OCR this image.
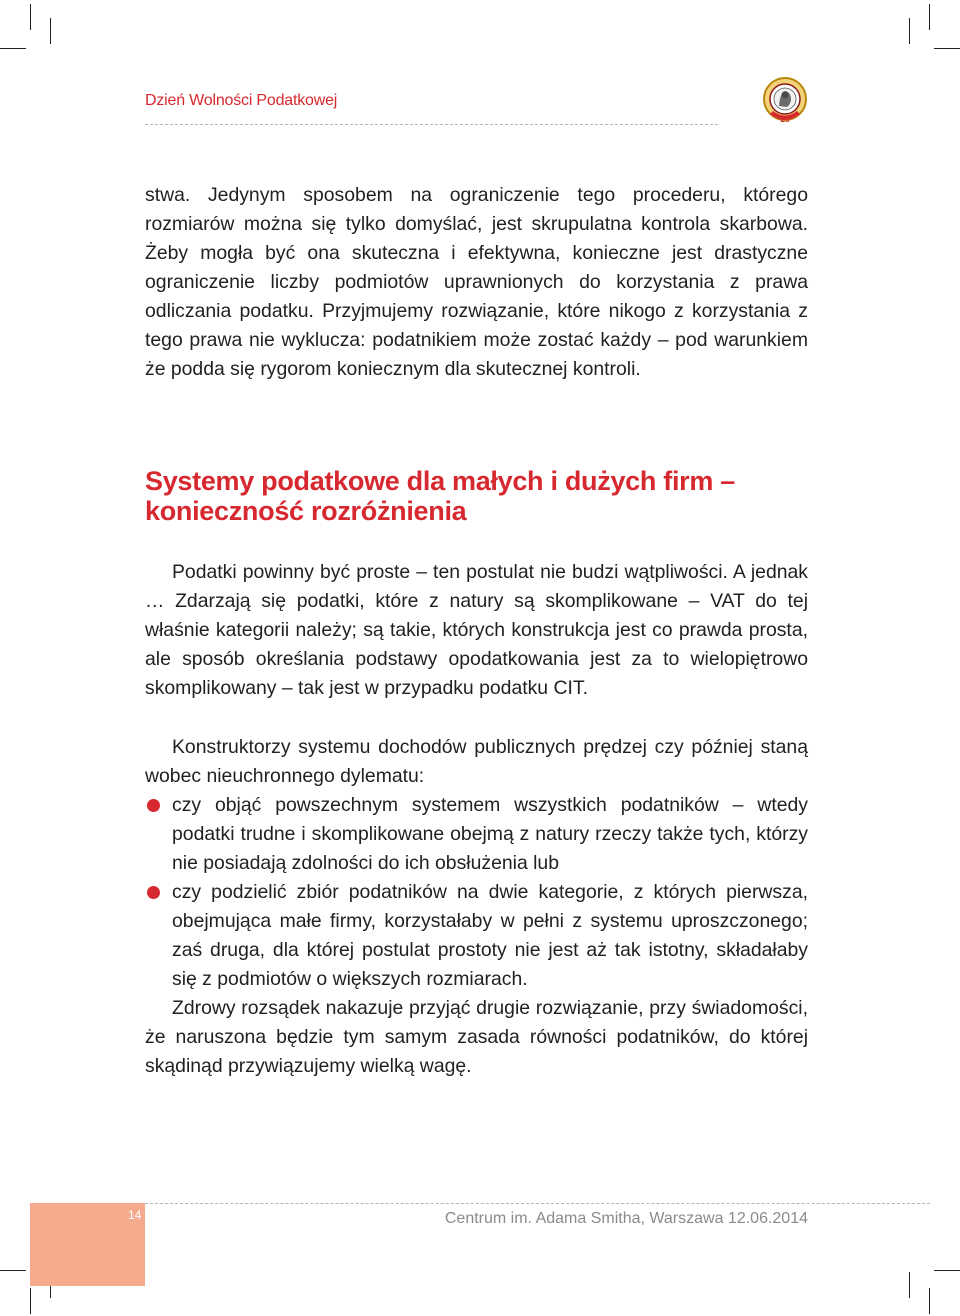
Dzień Wolności Podatkowej
25

stwa. Jedynym sposobem na ograniczenie tego procederu, którego rozmiarów można się tylko domyślać, jest skrupulatna kontrola skarbowa. Żeby mogła być ona skuteczna i efektywna, konieczne jest drastyczne ograniczenie liczby podmiotów uprawnionych do korzystania z prawa odliczania podatku. Przyjmujemy rozwiązanie, które nikogo z korzystania z tego prawa nie wyklucza: podatnikiem może zostać każdy – pod warunkiem że podda się rygorom koniecznym dla skutecznej kontroli.

Systemy podatkowe dla małych i dużych firm – konieczność rozróżnienia

Podatki powinny być proste – ten postulat nie budzi wątpliwości. A jednak … Zdarzają się podatki, które z natury są skomplikowane – VAT do tej właśnie kategorii należy; są takie, których konstrukcja jest co prawda prosta, ale sposób określania podstawy opodatkowania jest za to wielopiętrowo skomplikowany – tak jest w przypadku podatku CIT.

Konstruktorzy systemu dochodów publicznych prędzej czy później staną wobec nieuchronnego dylematu:

czy objąć powszechnym systemem wszystkich podatników – wtedy podatki trudne i skomplikowane obejmą z natury rzeczy także tych, którzy nie posiadają zdolności do ich obsłużenia lub
czy podzielić zbiór podatników na dwie kategorie, z których pierwsza, obejmująca małe firmy, korzystałaby w pełni z systemu uproszczonego; zaś druga, dla której postulat prostoty nie jest aż tak istotny, składałaby się z podmiotów o większych rozmiarach.

Zdrowy rozsądek nakazuje przyjąć drugie rozwiązanie, przy świadomości, że naruszona będzie tym samym zasada równości podatników, do której skądinąd przywiązujemy wielką wagę.

14	Centrum im. Adama Smitha, Warszawa 12.06.2014
